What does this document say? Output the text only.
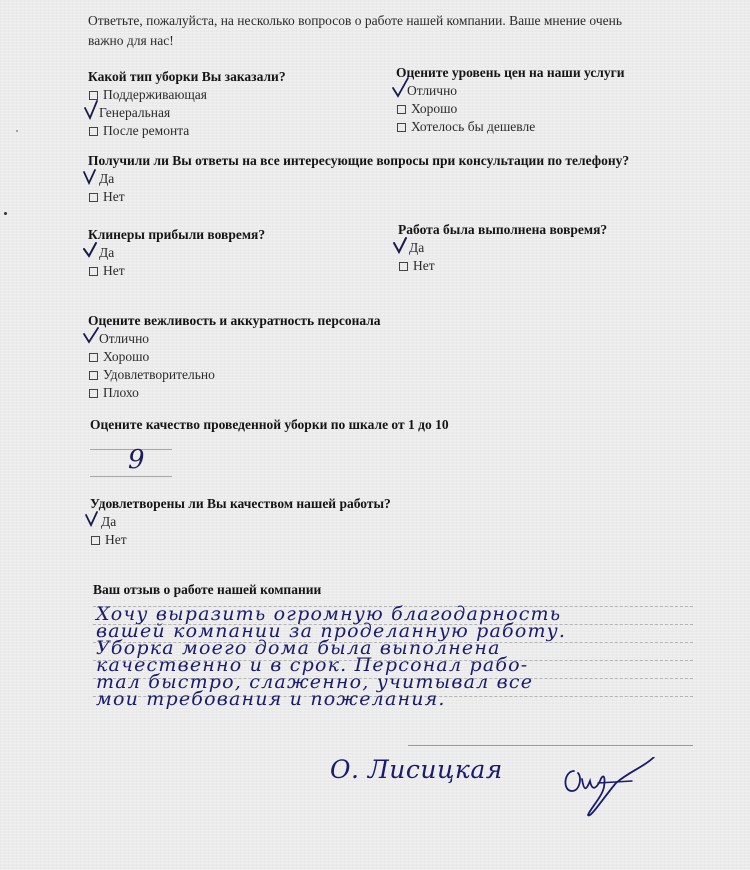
Ответьте, пожалуйста, на несколько вопросов о работе нашей компании. Ваше мнение очень
важно для нас!
Какой тип уборки Вы заказали?
Поддерживающая
Генеральная
После ремонта
Оцените уровень цен на наши услуги
Отлично
Хорошо
Хотелось бы дешевле
Получили ли Вы ответы на все интересующие вопросы при консультации по телефону?
Да
Нет
Клинеры прибыли вовремя?
Да
Нет
Работа была выполнена вовремя?
Да
Нет
Оцените вежливость и аккуратность персонала
Отлично
Хорошо
Удовлетворительно
Плохо
Оцените качество проведенной уборки по шкале от 1 до 10
9
Удовлетворены ли Вы качеством нашей работы?
Да
Нет
Ваш отзыв о работе нашей компании
Хочу выразить огромную благодарность
вашей компании за проделанную работу.
Уборка моего дома была выполнена
качественно и в срок. Персонал рабо-
тал быстро, слаженно, учитывал все
мои требования и пожелания.
О. Лисицкая
